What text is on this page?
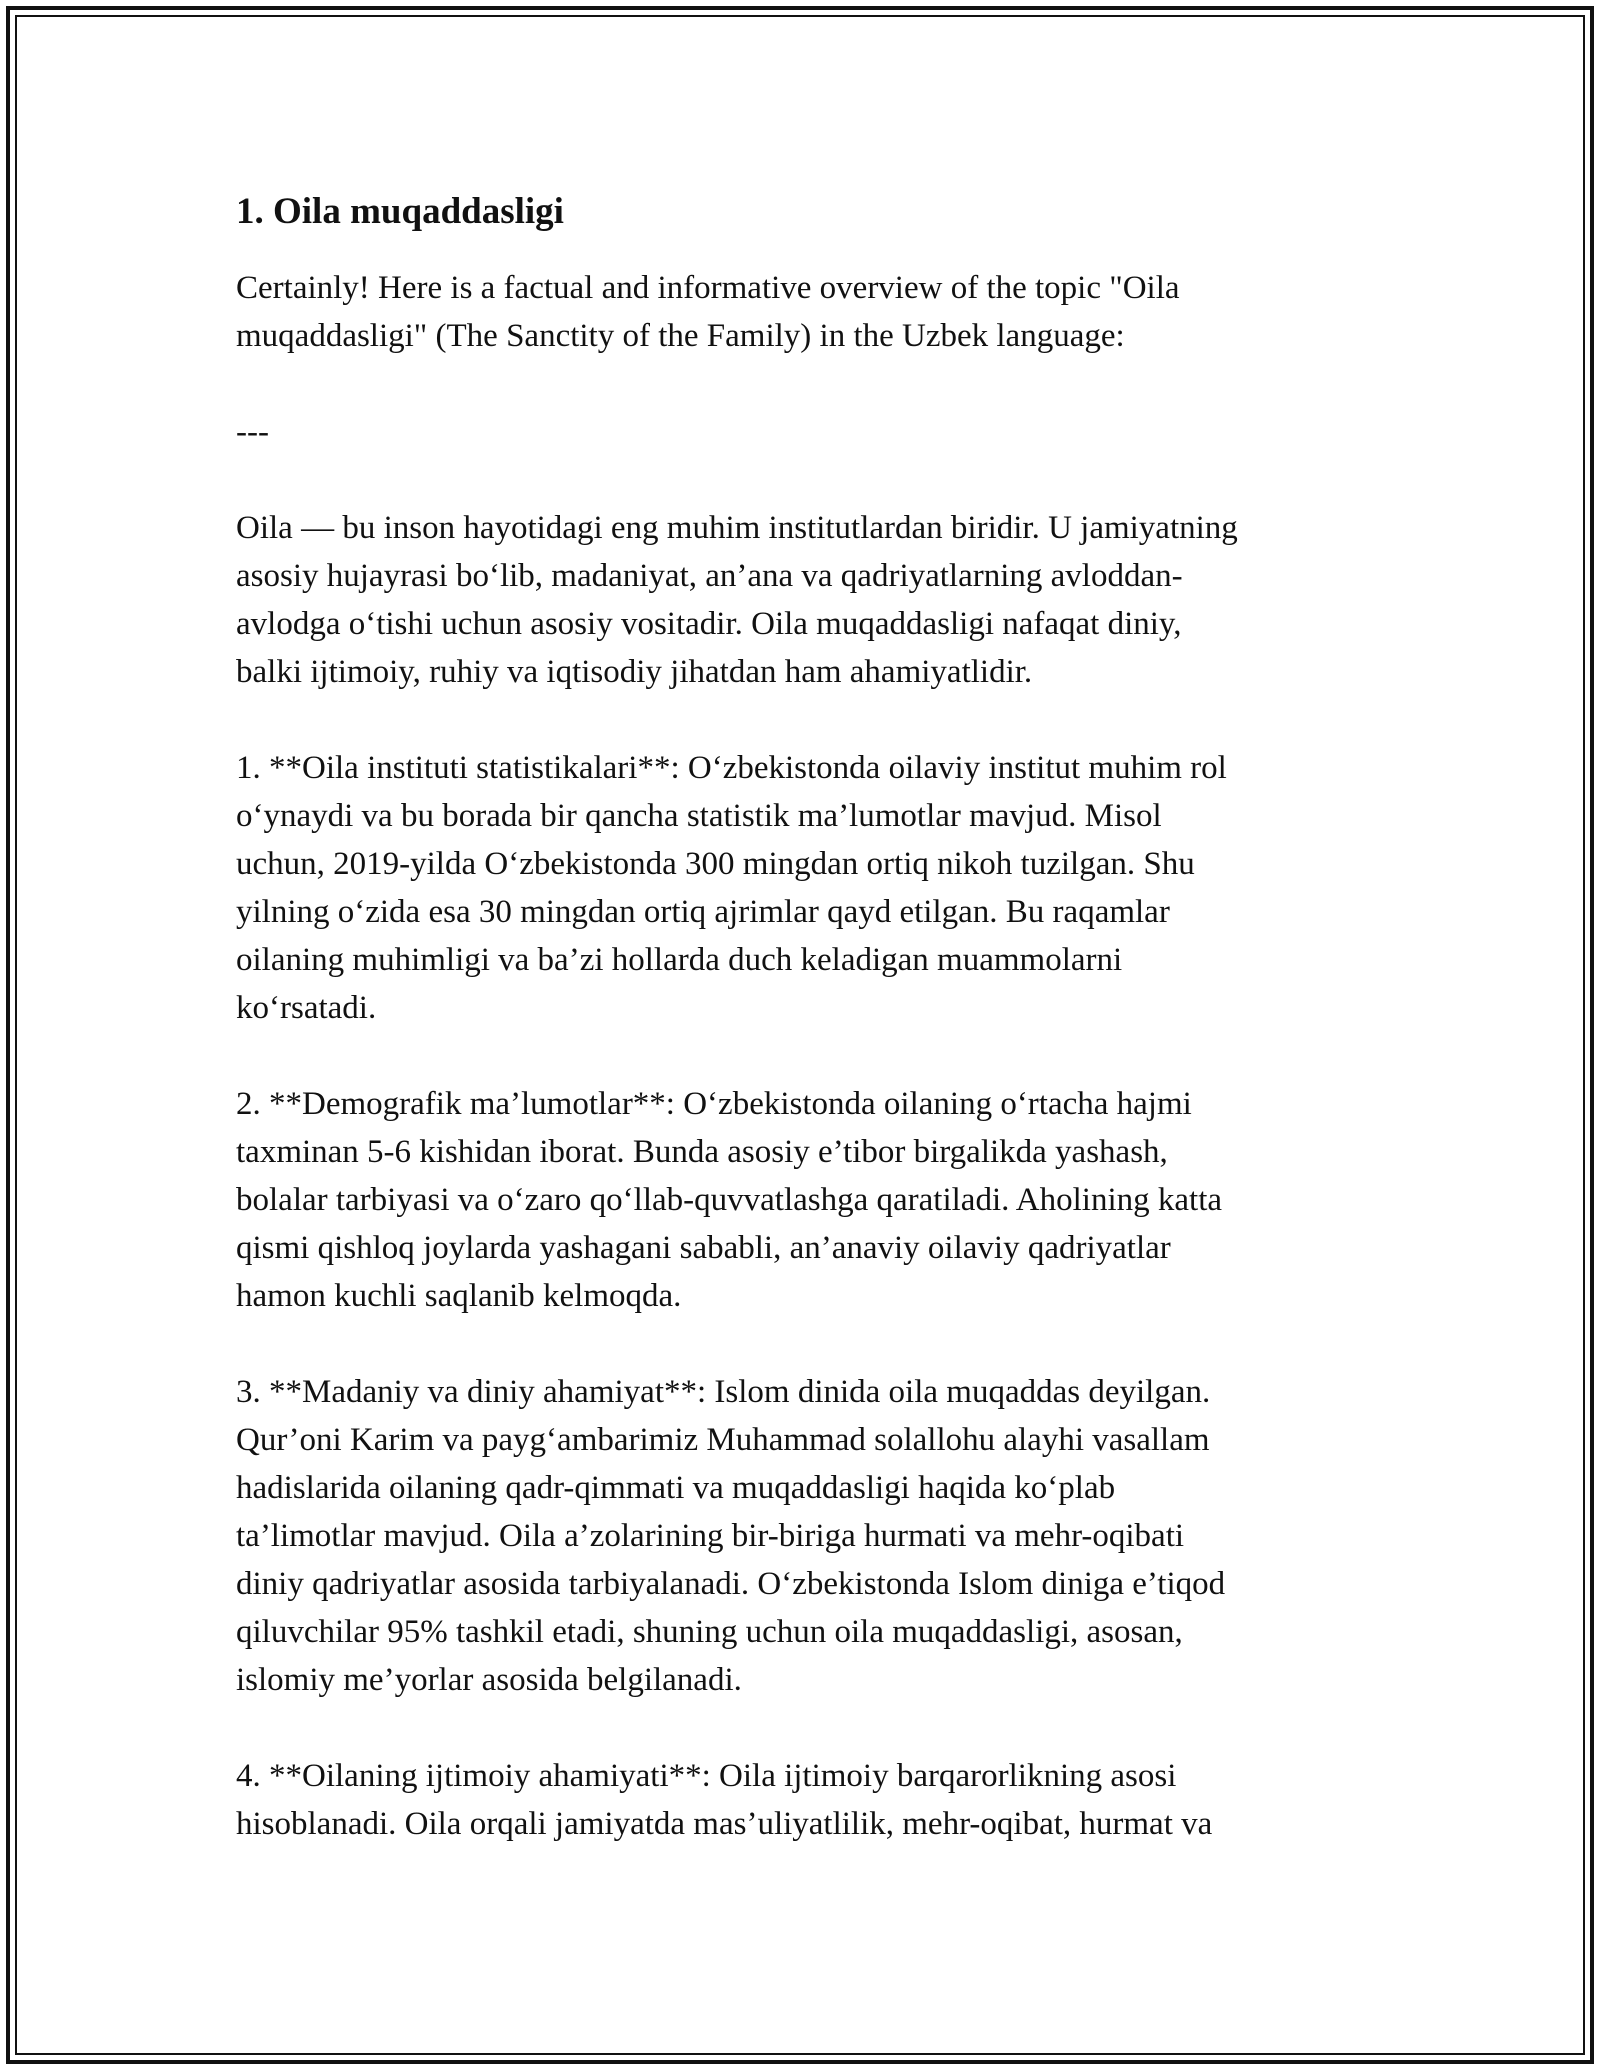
1. Oila muqaddasligi

Certainly! Here is a factual and informative overview of the topic "Oila
muqaddasligi" (The Sanctity of the Family) in the Uzbek language:

---

Oila — bu inson hayotidagi eng muhim institutlardan biridir. U jamiyatning
asosiy hujayrasi bo‘lib, madaniyat, an’ana va qadriyatlarning avloddan-
avlodga o‘tishi uchun asosiy vositadir. Oila muqaddasligi nafaqat diniy,
balki ijtimoiy, ruhiy va iqtisodiy jihatdan ham ahamiyatlidir.

1. **Oila instituti statistikalari**: O‘zbekistonda oilaviy institut muhim rol
o‘ynaydi va bu borada bir qancha statistik ma’lumotlar mavjud. Misol
uchun, 2019-yilda O‘zbekistonda 300 mingdan ortiq nikoh tuzilgan. Shu
yilning o‘zida esa 30 mingdan ortiq ajrimlar qayd etilgan. Bu raqamlar
oilaning muhimligi va ba’zi hollarda duch keladigan muammolarni
ko‘rsatadi.

2. **Demografik ma’lumotlar**: O‘zbekistonda oilaning o‘rtacha hajmi
taxminan 5-6 kishidan iborat. Bunda asosiy e’tibor birgalikda yashash,
bolalar tarbiyasi va o‘zaro qo‘llab-quvvatlashga qaratiladi. Aholining katta
qismi qishloq joylarda yashagani sababli, an’anaviy oilaviy qadriyatlar
hamon kuchli saqlanib kelmoqda.

3. **Madaniy va diniy ahamiyat**: Islom dinida oila muqaddas deyilgan.
Qur’oni Karim va payg‘ambarimiz Muhammad solallohu alayhi vasallam
hadislarida oilaning qadr-qimmati va muqaddasligi haqida ko‘plab
ta’limotlar mavjud. Oila a’zolarining bir-biriga hurmati va mehr-oqibati
diniy qadriyatlar asosida tarbiyalanadi. O‘zbekistonda Islom diniga e’tiqod
qiluvchilar 95% tashkil etadi, shuning uchun oila muqaddasligi, asosan,
islomiy me’yorlar asosida belgilanadi.

4. **Oilaning ijtimoiy ahamiyati**: Oila ijtimoiy barqarorlikning asosi
hisoblanadi. Oila orqali jamiyatda mas’uliyatlilik, mehr-oqibat, hurmat va
